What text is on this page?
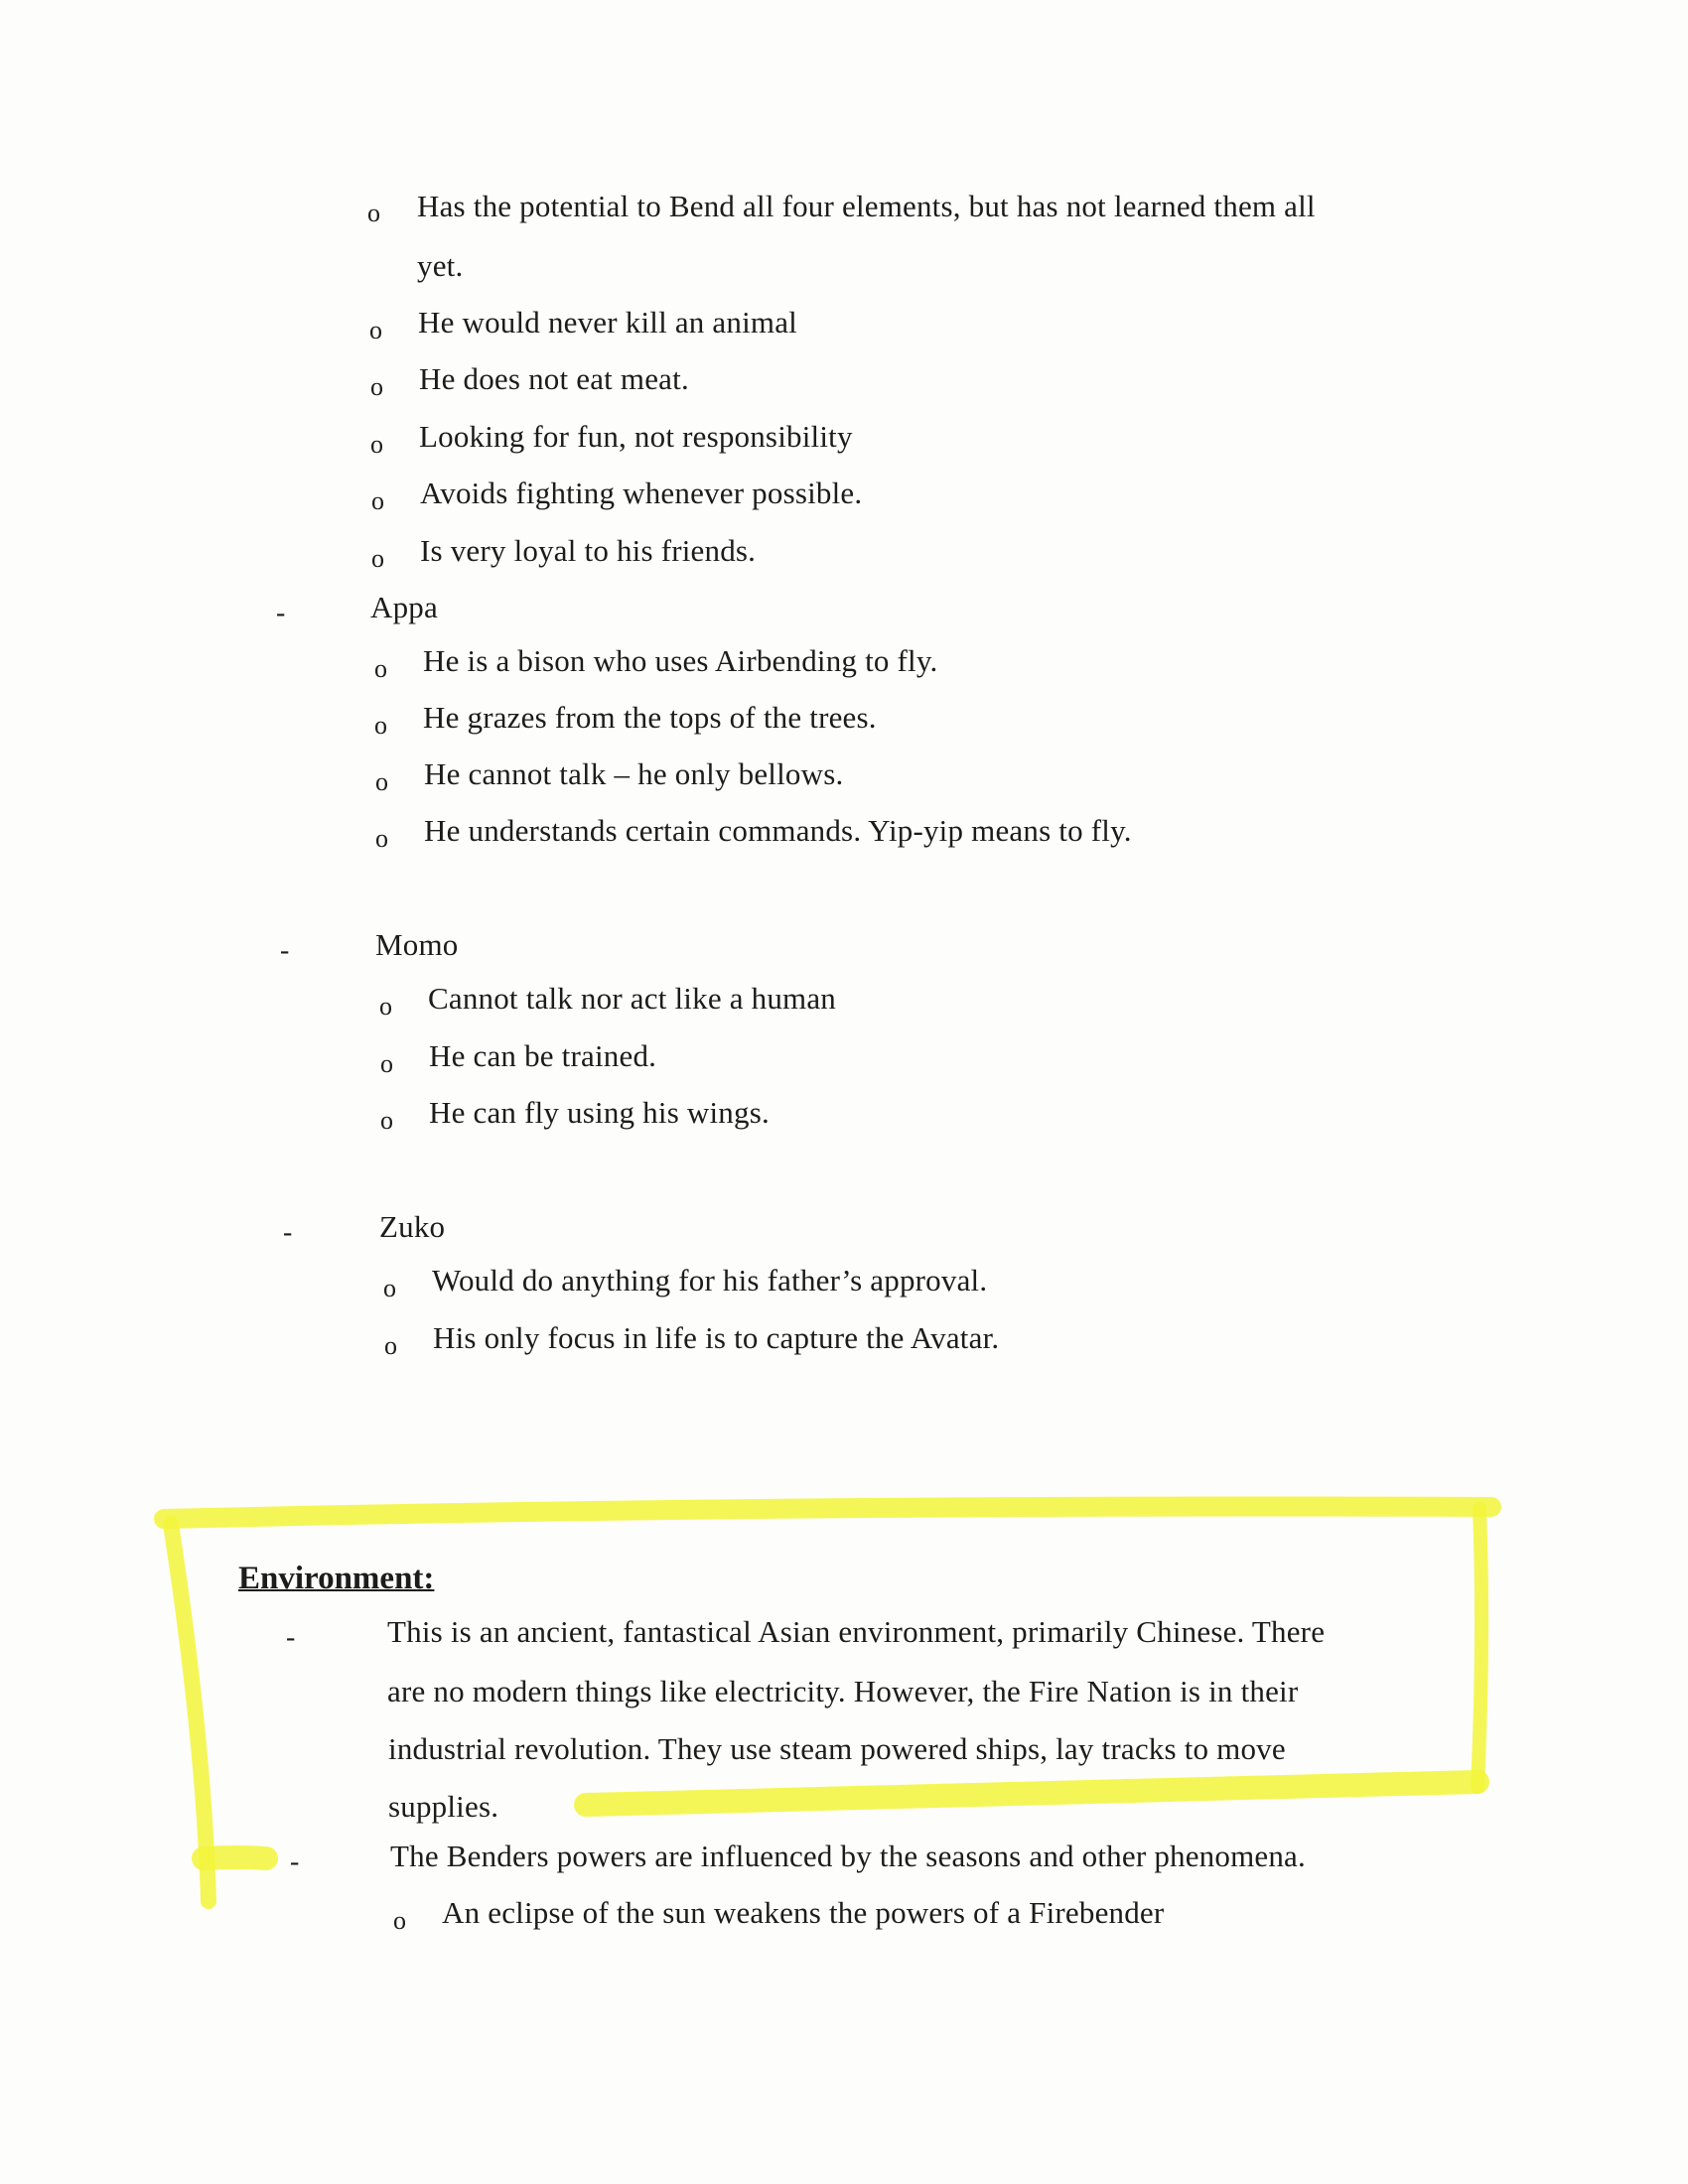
o Has the potential to Bend all four elements, but has not learned them all
yet.
o He would never kill an animal
o He does not eat meat.
o Looking for fun, not responsibility
o Avoids fighting whenever possible.
o Is very loyal to his friends.
-	Appa
o He is a bison who uses Airbending to fly.
o He grazes from the tops of the trees.
o He cannot talk – he only bellows.
o He understands certain commands. Yip-yip means to fly.
-	Momo
o Cannot talk nor act like a human
o He can be trained.
o He can fly using his wings.
-	Zuko
o Would do anything for his father’s approval.
o His only focus in life is to capture the Avatar.
Environment:
-	This is an ancient, fantastical Asian environment, primarily Chinese. There
are no modern things like electricity. However, the Fire Nation is in their
industrial revolution. They use steam powered ships, lay tracks to move
supplies.
-	The Benders powers are influenced by the seasons and other phenomena.
o An eclipse of the sun weakens the powers of a Firebender
